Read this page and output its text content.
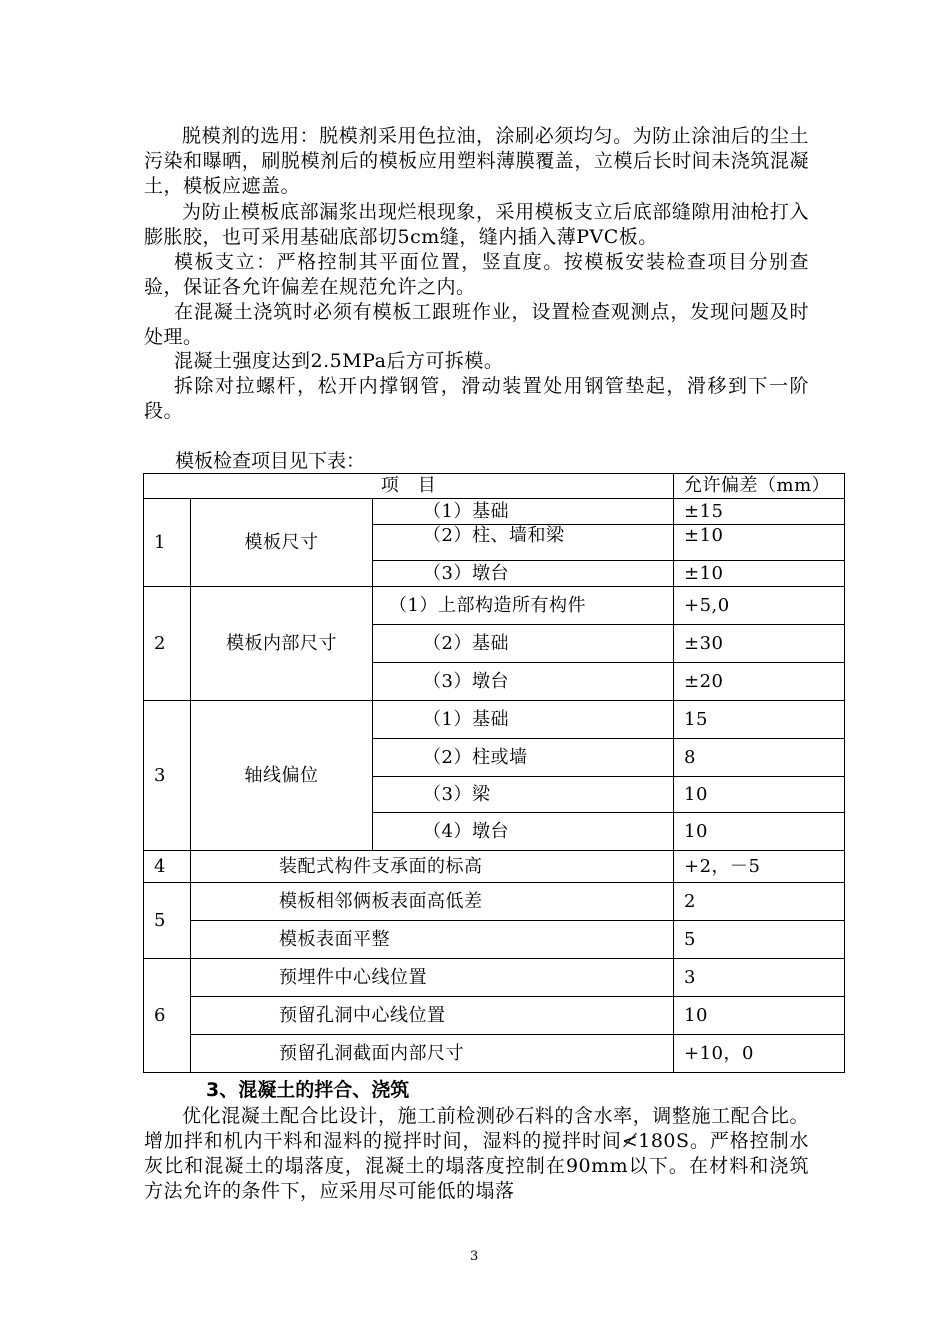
脱模剂的选用：脱模剂采用色拉油，涂刷必须均匀。为防止涂油后的尘土污染和曝晒，刷脱模剂后的模板应用塑料薄膜覆盖，立模后长时间未浇筑混凝土，模板应遮盖。

为防止模板底部漏浆出现烂根现象，采用模板支立后底部缝隙用油枪打入膨胀胶，也可采用基础底部切5cm缝，缝内插入薄PVC板。

模板支立：严格控制其平面位置，竖直度。按模板安装检查项目分别查验，保证各允许偏差在规范允许之内。

在混凝土浇筑时必须有模板工跟班作业，设置检查观测点，发现问题及时处理。

混凝土强度达到2.5MPa后方可拆模。

拆除对拉螺杆，松开内撑钢管，滑动装置处用钢管垫起，滑移到下一阶段。

模板检查项目见下表：
项　目			允许偏差（mm）
1	模板尺寸	（1）基础	±15
		（2）柱、墙和梁	±10
		（3）墩台	±10
2	模板内部尺寸	（1）上部构造所有构件	+5,0
		（2）基础	±30
		（3）墩台	±20
3	轴线偏位	（1）基础	15
		（2）柱或墙	8
		（3）梁	10
		（4）墩台	10
4	装配式构件支承面的标高		+2，－5
5	模板相邻俩板表面高低差		2
	模板表面平整		5
6	预埋件中心线位置		3
	预留孔洞中心线位置		10
	预留孔洞截面内部尺寸		+10，0
3、混凝土的拌合、浇筑

优化混凝土配合比设计，施工前检测砂石料的含水率，调整施工配合比。增加拌和机内干料和湿料的搅拌时间，湿料的搅拌时间≮180S。严格控制水灰比和混凝土的塌落度，混凝土的塌落度控制在90mm以下。在材料和浇筑方法允许的条件下，应采用尽可能低的塌落

3
